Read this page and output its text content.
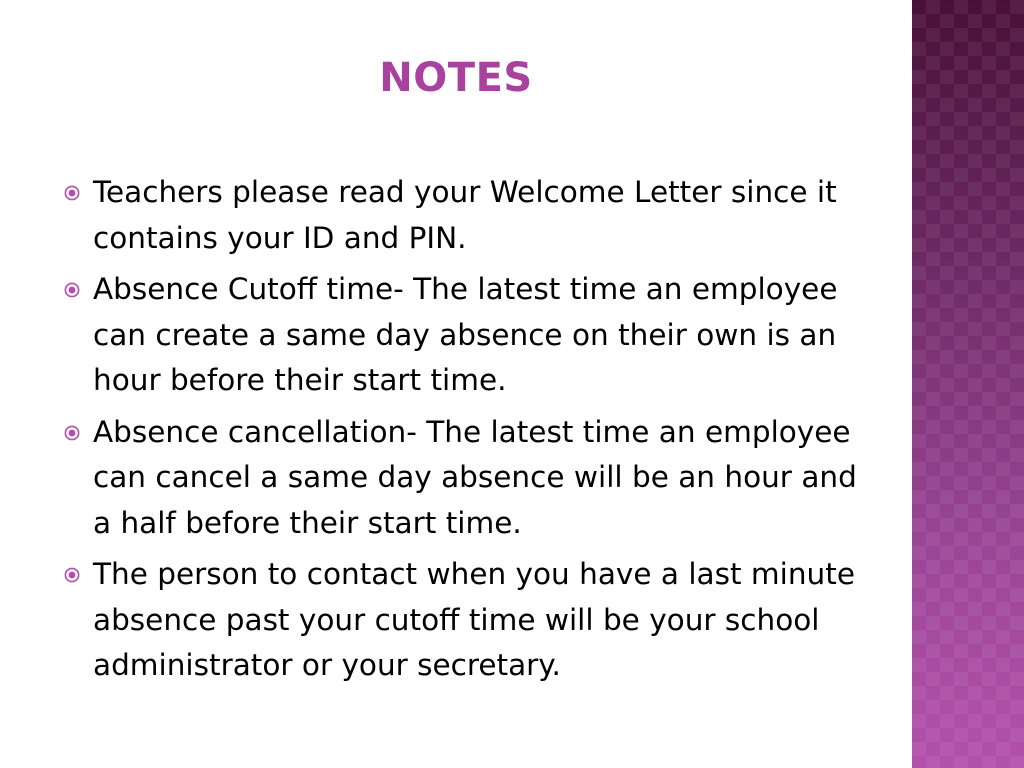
NOTES
Teachers please read your Welcome Letter since it contains your ID and PIN.
Absence Cutoff time- The latest time an employee can create a same day absence on their own is an hour before their start time.
Absence cancellation- The latest time an employee can cancel a same day absence will be an hour and a half before their start time.
The person to contact when you have a last minute absence past your cutoff time will be your school administrator or your secretary.
